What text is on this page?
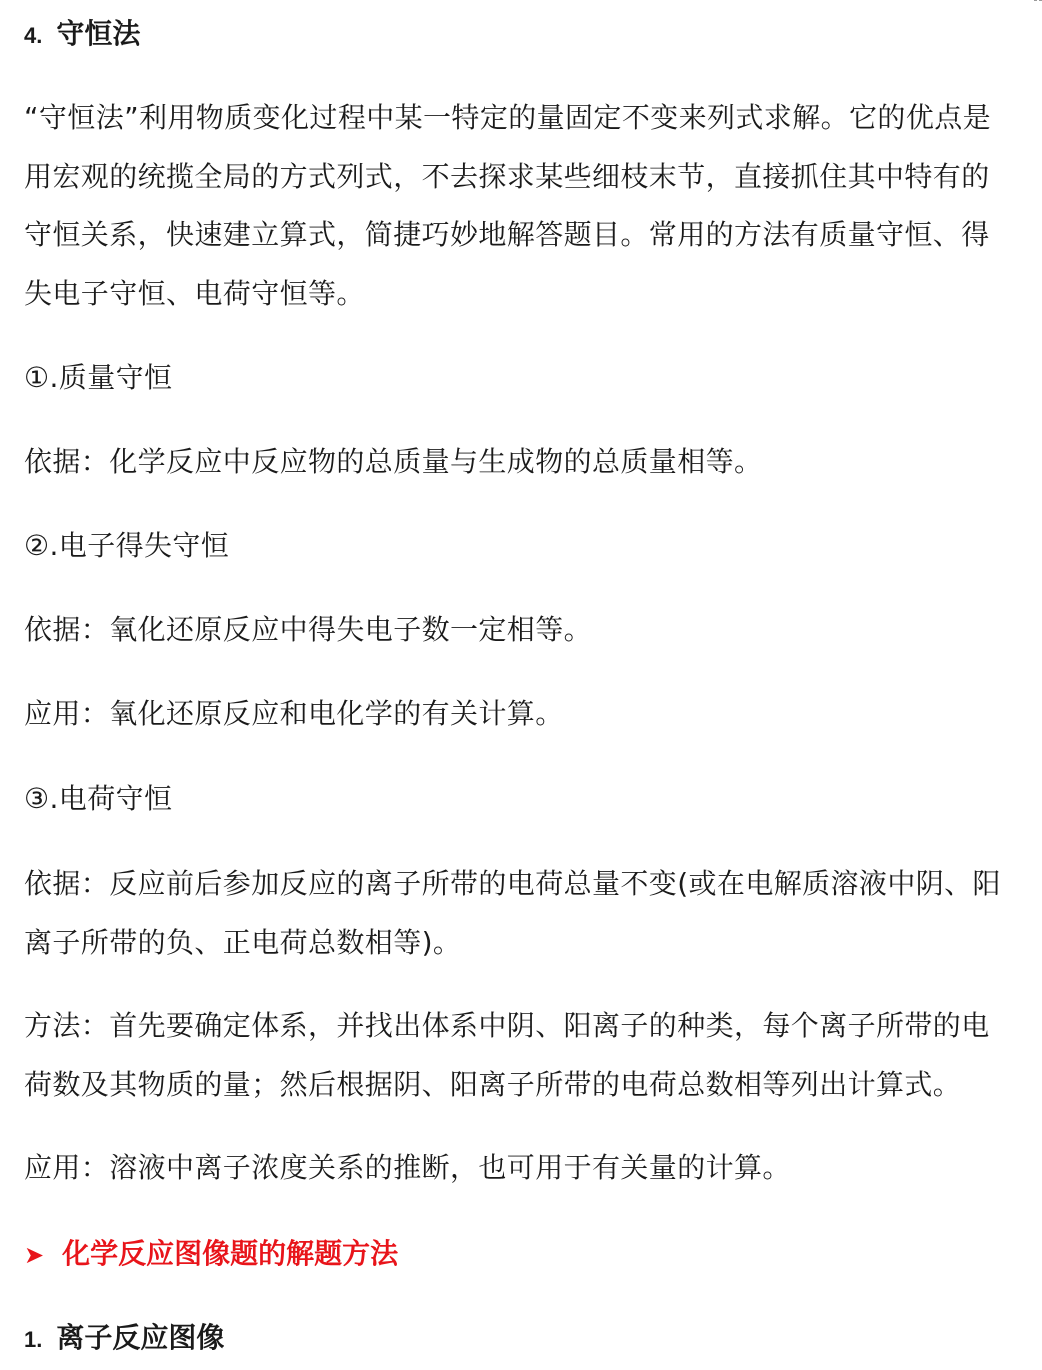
4. 守恒法

“守恒法”利用物质变化过程中某一特定的量固定不变来列式求解。它的优点是用宏观的统揽全局的方式列式，不去探求某些细枝末节，直接抓住其中特有的守恒关系，快速建立算式，简捷巧妙地解答题目。常用的方法有质量守恒、得失电子守恒、电荷守恒等。

①.质量守恒
依据：化学反应中反应物的总质量与生成物的总质量相等。
②.电子得失守恒
依据：氧化还原反应中得失电子数一定相等。
应用：氧化还原反应和电化学的有关计算。
③.电荷守恒

依据：反应前后参加反应的离子所带的电荷总量不变(或在电解质溶液中阴、阳离子所带的负、正电荷总数相等)。

方法：首先要确定体系，并找出体系中阴、阳离子的种类，每个离子所带的电荷数及其物质的量；然后根据阴、阳离子所带的电荷总数相等列出计算式。

应用：溶液中离子浓度关系的推断，也可用于有关量的计算。
➤ 化学反应图像题的解题方法
1. 离子反应图像
